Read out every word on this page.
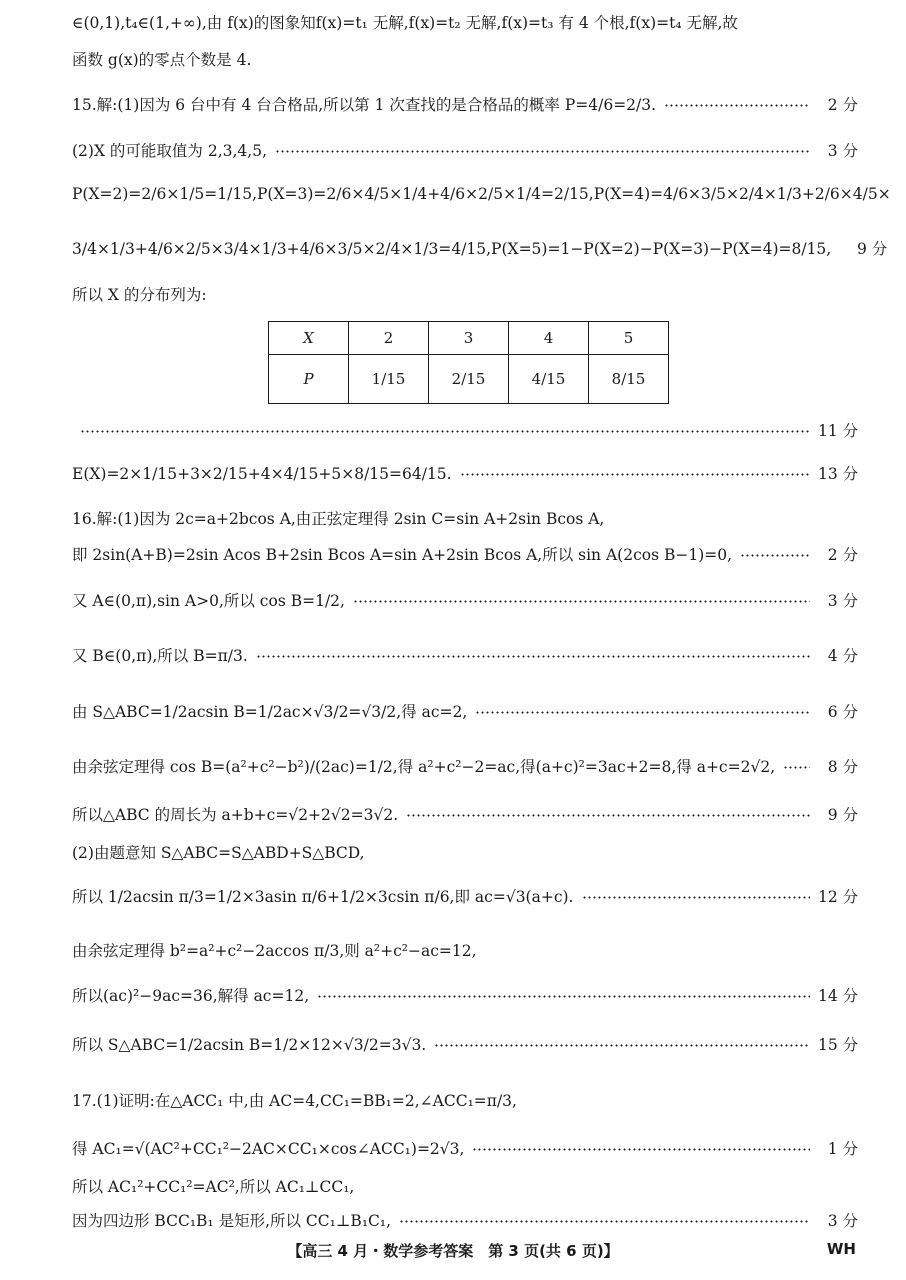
∈(0,1),t₄∈(1,+∞),由 f(x)的图象知f(x)=t₁ 无解,f(x)=t₂ 无解,f(x)=t₃ 有 4 个根,f(x)=t₄ 无解,故
函数 g(x)的零点个数是 4.
15.解:(1)因为 6 台中有 4 台合格品,所以第 1 次查找的是合格品的概率 P=4/6=2/3.	2 分
(2)X 的可能取值为 2,3,4,5,	3 分
P(X=2)=2/6×1/5=1/15,P(X=3)=2/6×4/5×1/4+4/6×2/5×1/4=2/15,P(X=4)=4/6×3/5×2/4×1/3+2/6×4/5×
3/4×1/3+4/6×2/5×3/4×1/3+4/6×3/5×2/4×1/3=4/15,P(X=5)=1−P(X=2)−P(X=3)−P(X=4)=8/15,	9 分
所以 X 的分布列为:
X	2	3	4	5
P	1/15	2/15	4/15	8/15
11 分
E(X)=2×1/15+3×2/15+4×4/15+5×8/15=64/15.	13 分
16.解:(1)因为 2c=a+2bcos A,由正弦定理得 2sin C=sin A+2sin Bcos A,
即 2sin(A+B)=2sin Acos B+2sin Bcos A=sin A+2sin Bcos A,所以 sin A(2cos B−1)=0,	2 分
又 A∈(0,π),sin A>0,所以 cos B=1/2,	3 分
又 B∈(0,π),所以 B=π/3.	4 分
由 S△ABC=1/2acsin B=1/2ac×√3/2=√3/2,得 ac=2,	6 分
由余弦定理得 cos B=(a²+c²−b²)/(2ac)=1/2,得 a²+c²−2=ac,得(a+c)²=3ac+2=8,得 a+c=2√2,	8 分
所以△ABC 的周长为 a+b+c=√2+2√2=3√2.	9 分
(2)由题意知 S△ABC=S△ABD+S△BCD,
所以 1/2acsin π/3=1/2×3asin π/6+1/2×3csin π/6,即 ac=√3(a+c).	12 分
由余弦定理得 b²=a²+c²−2accos π/3,则 a²+c²−ac=12,
所以(ac)²−9ac=36,解得 ac=12,	14 分
所以 S△ABC=1/2acsin B=1/2×12×√3/2=3√3.	15 分
17.(1)证明:在△ACC₁ 中,由 AC=4,CC₁=BB₁=2,∠ACC₁=π/3,
得 AC₁=√(AC²+CC₁²−2AC×CC₁×cos∠ACC₁)=2√3,	1 分
所以 AC₁²+CC₁²=AC²,所以 AC₁⊥CC₁,
因为四边形 BCC₁B₁ 是矩形,所以 CC₁⊥B₁C₁,	3 分
【高三 4 月・数学参考答案　第 3 页(共 6 页)】	WH
